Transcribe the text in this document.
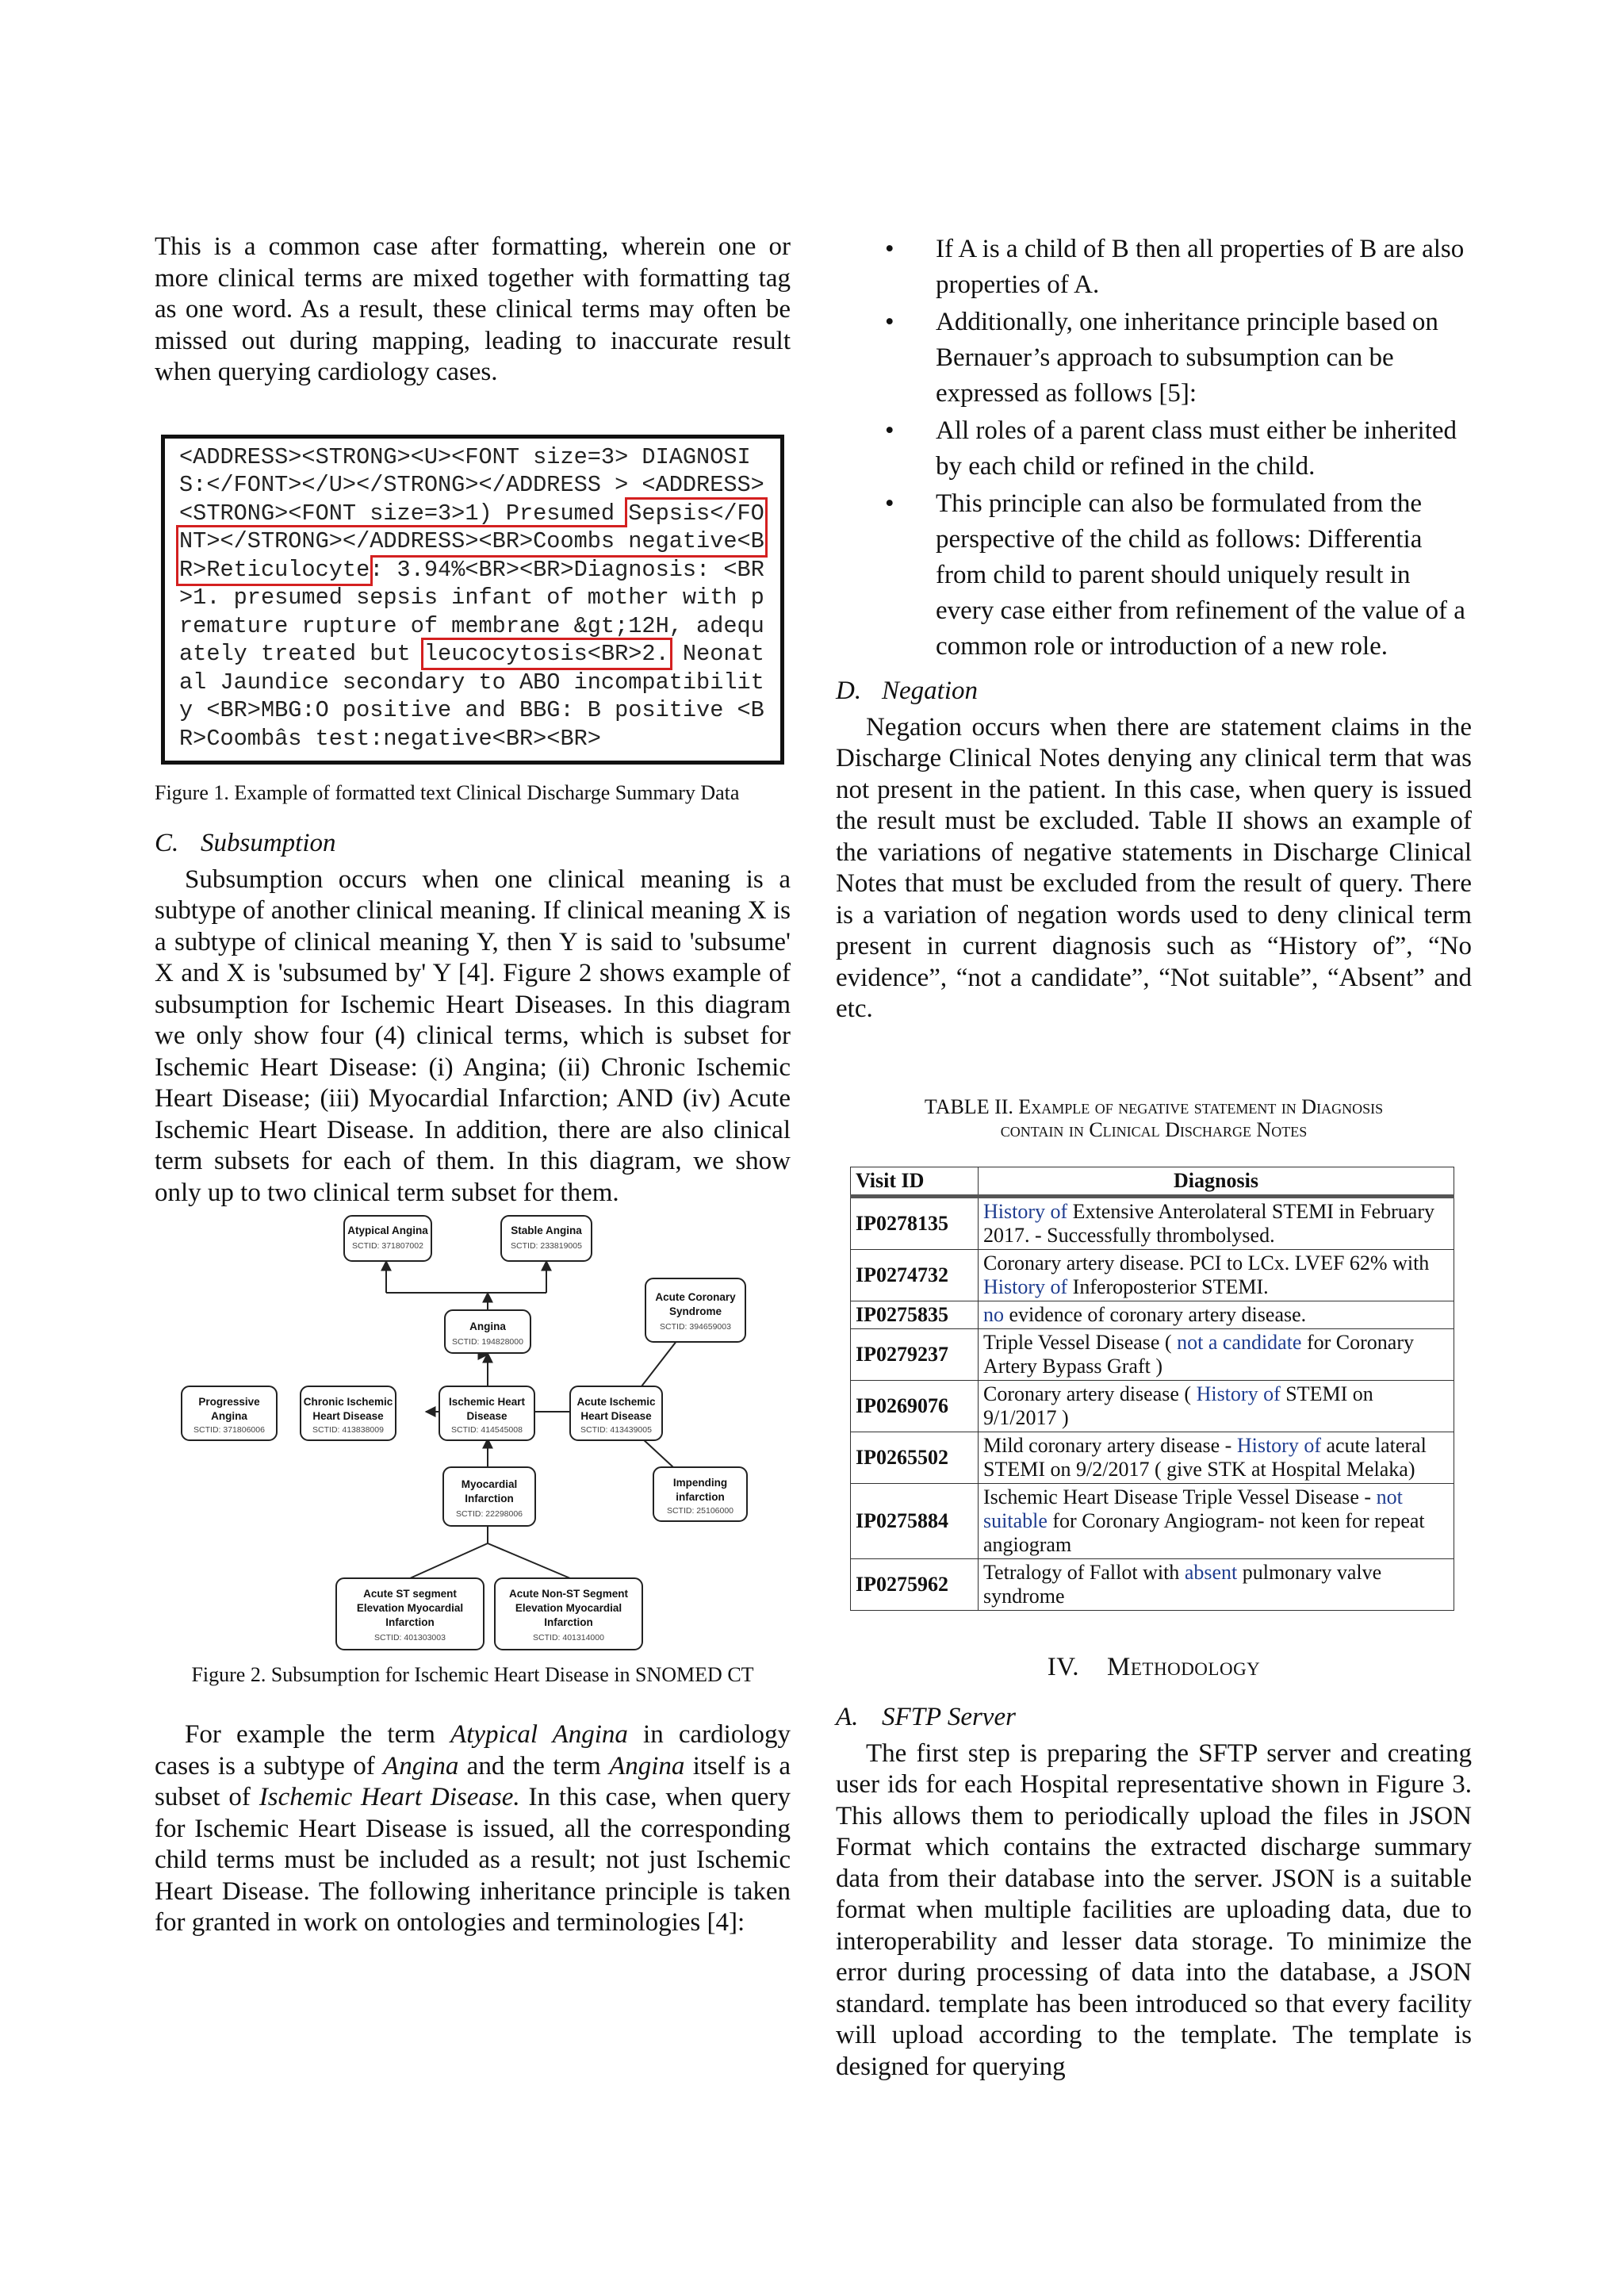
This is a common case after formatting, wherein one or more clinical terms are mixed together with formatting tag as one word. As a result, these clinical terms may often be missed out during mapping, leading to inaccurate result when querying cardiology cases.

<ADDRESS><STRONG><U><FONT size=3> DIAGNOSIS:</FONT></U></STRONG></ADDRESS > <ADDRESS><STRONG><FONT size=3>1) Presumed Sepsis</FONT></STRONG></ADDRESS><BR>Coombs negative<BR>Reticulocyte: 3.94%<BR><BR>Diagnosis: <BR>1. presumed sepsis infant of mother with premature rupture of membrane &gt;12H, adequately treated but leucocytosis<BR>2. Neonatal Jaundice secondary to ABO incompatibility <BR>MBG:O positive and BBG: B positive <BR>Coombâs test:negative<BR><BR>

Figure 1. Example of formatted text Clinical Discharge Summary Data

C. Subsumption

Subsumption occurs when one clinical meaning is a subtype of another clinical meaning. If clinical meaning X is a subtype of clinical meaning Y, then Y is said to 'subsume' X and X is 'subsumed by' Y [4]. Figure 2 shows example of subsumption for Ischemic Heart Diseases. In this diagram we only show four (4) clinical terms, which is subset for Ischemic Heart Disease: (i) Angina; (ii) Chronic Ischemic Heart Disease; (iii) Myocardial Infarction; AND (iv) Acute Ischemic Heart Disease. In addition, there are also clinical term subsets for each of them. In this diagram, we show only up to two clinical term subset for them.

Atypical Angina	Stable Angina
Angina
Acute Coronary
Syndrome
Progressive
Angina
Chronic Ischemic
Heart Disease
Ischemic Heart
Disease
Acute Ischemic
Heart Disease
Myocardial
Infarction
Impending
infarction
Acute ST segment
Elevation Myocardial
Infarction
Acute Non-ST Segment
Elevation Myocardial
Infarction
SCTID: 371807002	SCTID: 233819005
SCTID: 194828000
SCTID: 394659003
SCTID: 371806006	SCTID: 413838009	SCTID: 414545008	SCTID: 413439005
SCTID: 22298006	SCTID: 25106000
SCTID: 401303003	SCTID: 401314000

Figure 2. Subsumption for Ischemic Heart Disease in SNOMED CT

For example the term Atypical Angina in cardiology cases is a subtype of Angina and the term Angina itself is a subset of Ischemic Heart Disease. In this case, when query for Ischemic Heart Disease is issued, all the corresponding child terms must be included as a result; not just Ischemic Heart Disease. The following inheritance principle is taken for granted in work on ontologies and terminologies [4]:

• If A is a child of B then all properties of B are also properties of A.
• Additionally, one inheritance principle based on Bernauer’s approach to subsumption can be expressed as follows [5]:
• All roles of a parent class must either be inherited by each child or refined in the child.
• This principle can also be formulated from the perspective of the child as follows: Differentia from child to parent should uniquely result in every case either from refinement of the value of a common role or introduction of a new role.
D. Negation

Negation occurs when there are statement claims in the Discharge Clinical Notes denying any clinical term that was not present in the patient. In this case, when query is issued the result must be excluded. Table II shows an example of the variations of negative statements in Discharge Clinical Notes that must be excluded from the result of query. There is a variation of negation words used to deny clinical term present in current diagnosis such as “History of”, “No evidence”, “not a candidate”, “Not suitable”, “Absent” and etc.

TABLE II. Example of negative statement in Diagnosis
contain in Clinical Discharge Notes
Visit ID	Diagnosis
IP0278135	History of Extensive Anterolateral STEMI in February 2017. - Successfully thrombolysed.
IP0274732	Coronary artery disease. PCI to LCx. LVEF 62% with History of Inferoposterior STEMI.
IP0275835	no evidence of coronary artery disease.
IP0279237	Triple Vessel Disease ( not a candidate for Coronary Artery Bypass Graft )
IP0269076	Coronary artery disease ( History of STEMI on 9/1/2017 )
IP0265502	Mild coronary artery disease - History of acute lateral STEMI on 9/2/2017 ( give STK at Hospital Melaka)
IP0275884	Ischemic Heart Disease Triple Vessel Disease - not suitable for Coronary Angiogram- not keen for repeat angiogram
IP0275962	Tetralogy of Fallot with absent pulmonary valve syndrome
IV. Methodology
A. SFTP Server

The first step is preparing the SFTP server and creating user ids for each Hospital representative shown in Figure 3. This allows them to periodically upload the files in JSON Format which contains the extracted discharge summary data from their database into the server. JSON is a suitable format when multiple facilities are uploading data, due to interoperability and lesser data storage. To minimize the error during processing of data into the database, a JSON standard. template has been introduced so that every facility will upload according to the template. The template is designed for querying
